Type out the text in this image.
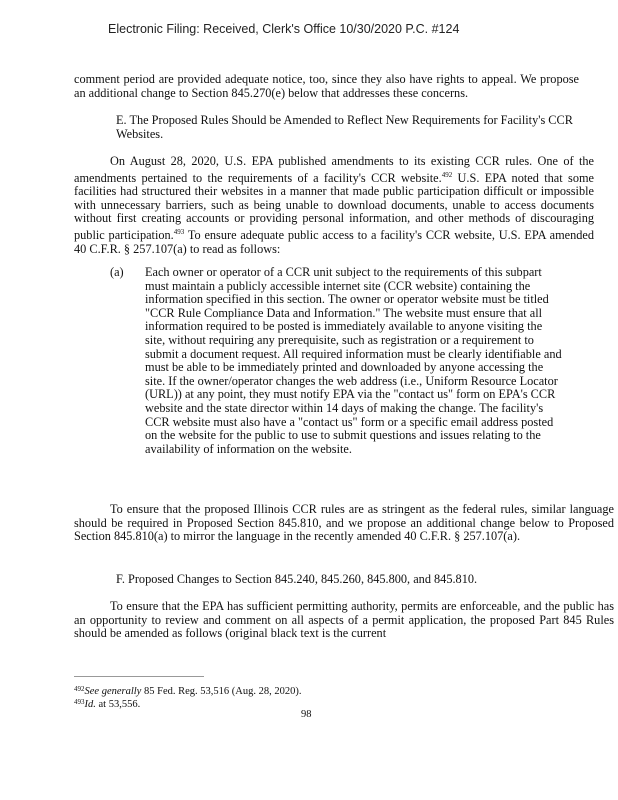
Electronic Filing: Received, Clerk's Office 10/30/2020 P.C. #124

comment period are provided adequate notice, too, since they also have rights to appeal. We propose an additional change to Section 845.270(e) below that addresses these concerns.

E. The Proposed Rules Should be Amended to Reflect New Requirements for Facility's CCR Websites.

On August 28, 2020, U.S. EPA published amendments to its existing CCR rules. One of the amendments pertained to the requirements of a facility's CCR website.$^{492}$ U.S. EPA noted that some facilities had structured their websites in a manner that made public participation difficult or impossible with unnecessary barriers, such as being unable to download documents, unable to access documents without first creating accounts or providing personal information, and other methods of discouraging public participation.$^{493}$ To ensure adequate public access to a facility's CCR website, U.S. EPA amended 40 C.F.R. § 257.107(a) to read as follows:

(a) Each owner or operator of a CCR unit subject to the requirements of this subpart must maintain a publicly accessible internet site (CCR website) containing the information specified in this section. The owner or operator website must be titled "CCR Rule Compliance Data and Information." The website must ensure that all information required to be posted is immediately available to anyone visiting the site, without requiring any prerequisite, such as registration or a requirement to submit a document request. All required information must be clearly identifiable and must be able to be immediately printed and downloaded by anyone accessing the site. If the owner/operator changes the web address (i.e., Uniform Resource Locator (URL)) at any point, they must notify EPA via the "contact us" form on EPA's CCR website and the state director within 14 days of making the change. The facility's CCR website must also have a "contact us" form or a specific email address posted on the website for the public to use to submit questions and issues relating to the availability of information on the website.

To ensure that the proposed Illinois CCR rules are as stringent as the federal rules, similar language should be required in Proposed Section 845.810, and we propose an additional change below to Proposed Section 845.810(a) to mirror the language in the recently amended 40 C.F.R. § 257.107(a).

F. Proposed Changes to Section 845.240, 845.260, 845.800, and 845.810.

To ensure that the EPA has sufficient permitting authority, permits are enforceable, and the public has an opportunity to review and comment on all aspects of a permit application, the proposed Part 845 Rules should be amended as follows (original black text is the current

$^{492}$See generally 85 Fed. Reg. 53,516 (Aug. 28, 2020).
$^{493}$Id. at 53,556.
98
